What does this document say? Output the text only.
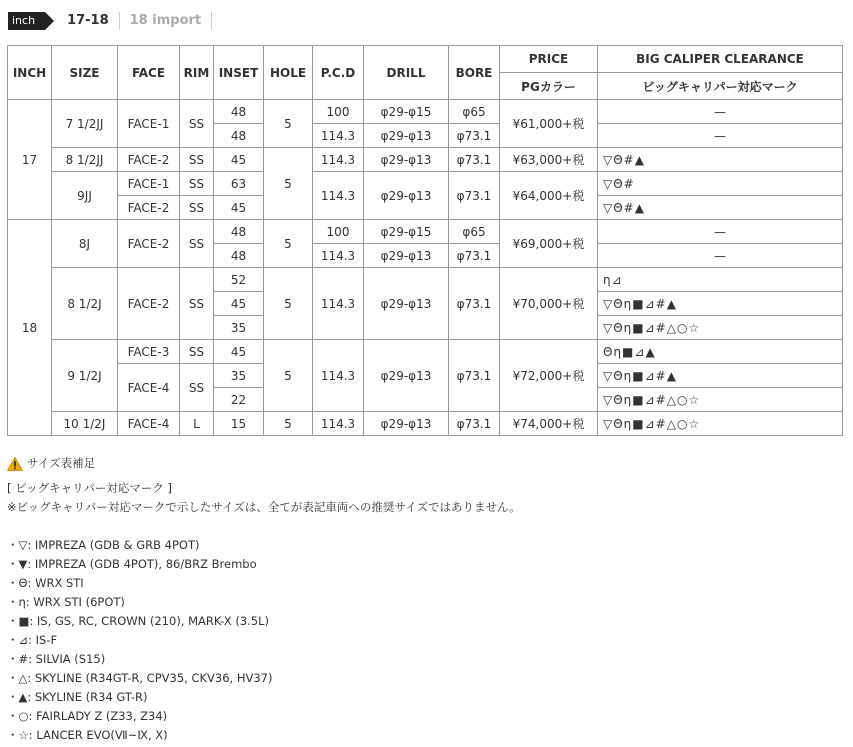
inch	17-18	18 import
INCH	SIZE	FACE	RIM	INSET	HOLE	P.C.D	DRILL	BORE	PRICE	BIG CALIPER CLEARANCE
									PGカラー	ビッグキャリパー対応マーク
17	7 1/2JJ	FACE-1	SS	48	5	100	φ29-φ15	φ65	¥61,000+税	—
				48		114.3	φ29-φ13	φ73.1		—
	8 1/2JJ	FACE-2	SS	45	5	114.3	φ29-φ13	φ73.1	¥63,000+税	▽Θ#▲
	9JJ	FACE-1	SS	63		114.3	φ29-φ13	φ73.1	¥64,000+税	▽Θ#
		FACE-2	SS	45						▽Θ#▲
18	8J	FACE-2	SS	48	5	100	φ29-φ15	φ65	¥69,000+税	—
				48		114.3	φ29-φ13	φ73.1		—
	8 1/2J	FACE-2	SS	52	5	114.3	φ29-φ13	φ73.1	¥70,000+税	η⊿
				45						▽Θη■⊿#▲
				35						▽Θη■⊿#△○☆
	9 1/2J	FACE-3	SS	45	5	114.3	φ29-φ13	φ73.1	¥72,000+税	Θη■⊿▲
		FACE-4	SS	35						▽Θη■⊿#▲
				22						▽Θη■⊿#△○☆
	10 1/2J	FACE-4	L	15	5	114.3	φ29-φ13	φ73.1	¥74,000+税	▽Θη■⊿#△○☆
サイズ表補足
[ ビッグキャリパー対応マーク ]
※ビッグキャリパー対応マークで示したサイズは、全てが表記車両への推奨サイズではありません。
・▽: IMPREZA (GDB & GRB 4POT)
・▼: IMPREZA (GDB 4POT), 86/BRZ Brembo
・Θ: WRX STI
・η: WRX STI (6POT)
・■: IS, GS, RC, CROWN (210), MARK-X (3.5L)
・⊿: IS-F
・#: SILVIA (S15)
・△: SKYLINE (R34GT-R, CPV35, CKV36, HV37)
・▲: SKYLINE (R34 GT-R)
・○: FAIRLADY Z (Z33, Z34)
・☆: LANCER EVO(Ⅶ~Ⅸ, Ⅹ)
